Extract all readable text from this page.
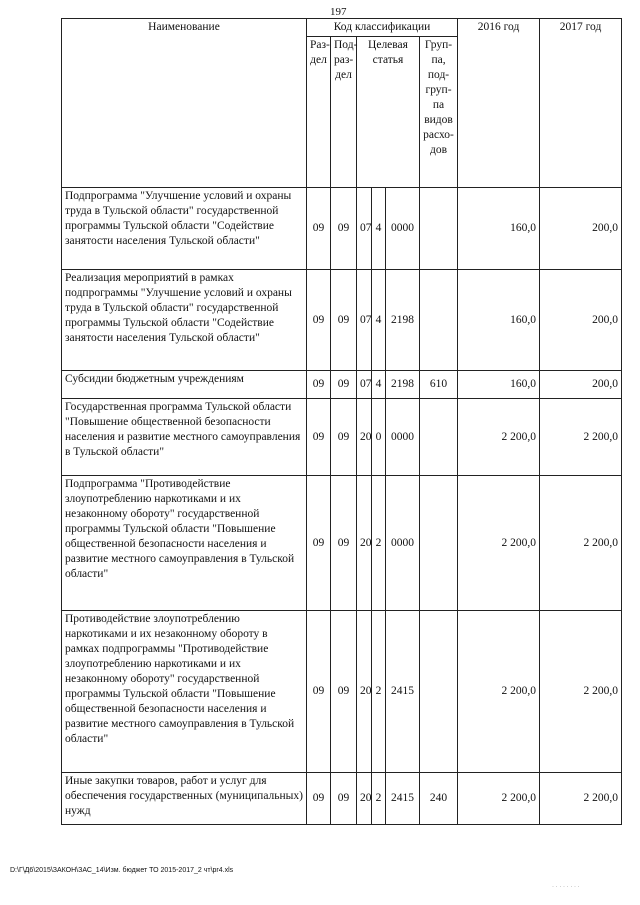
197
Наименование	Код классификации						2016 год	2017 год
	Раз-дел	Под-раз-дел	Целевая статья			Груп-па, под-груп-па видов расхо-дов		
Подпрограмма "Улучшение условий и охраны труда в Тульской области" государственной программы Тульской области "Содействие занятости населения Тульской области"	09	09	07	4	0000		160,0	200,0
Реализация мероприятий в рамках подпрограммы "Улучшение условий и охраны труда в Тульской области" государственной программы Тульской области "Содействие занятости населения Тульской области"	09	09	07	4	2198		160,0	200,0
Субсидии бюджетным учреждениям	09	09	07	4	2198	610	160,0	200,0
Государственная программа Тульской области "Повышение общественной безопасности населения и развитие местного самоуправления в Тульской области"	09	09	20	0	0000		2 200,0	2 200,0
Подпрограмма "Противодействие злоупотреблению наркотиками и их незаконному обороту" государственной программы Тульской области "Повышение общественной безопасности населения и развитие местного самоуправления в Тульской области"	09	09	20	2	0000		2 200,0	2 200,0
Противодействие злоупотреблению наркотиками и их незаконному обороту в рамках подпрограммы "Противодействие злоупотреблению наркотиками и их незаконному обороту" государственной программы Тульской области "Повышение общественной безопасности населения и развитие местного самоуправления в Тульской области"	09	09	20	2	2415		2 200,0	2 200,0
Иные закупки товаров, работ и услуг для обеспечения государственных (муниципальных) нужд	09	09	20	2	2415	240	2 200,0	2 200,0
D:\Г\Д6\2015\ЗАКОН\ЗАС_14\Изм. бюджет ТО 2015-2017_2 чт\pr4.xls
· · · · · · · ·
